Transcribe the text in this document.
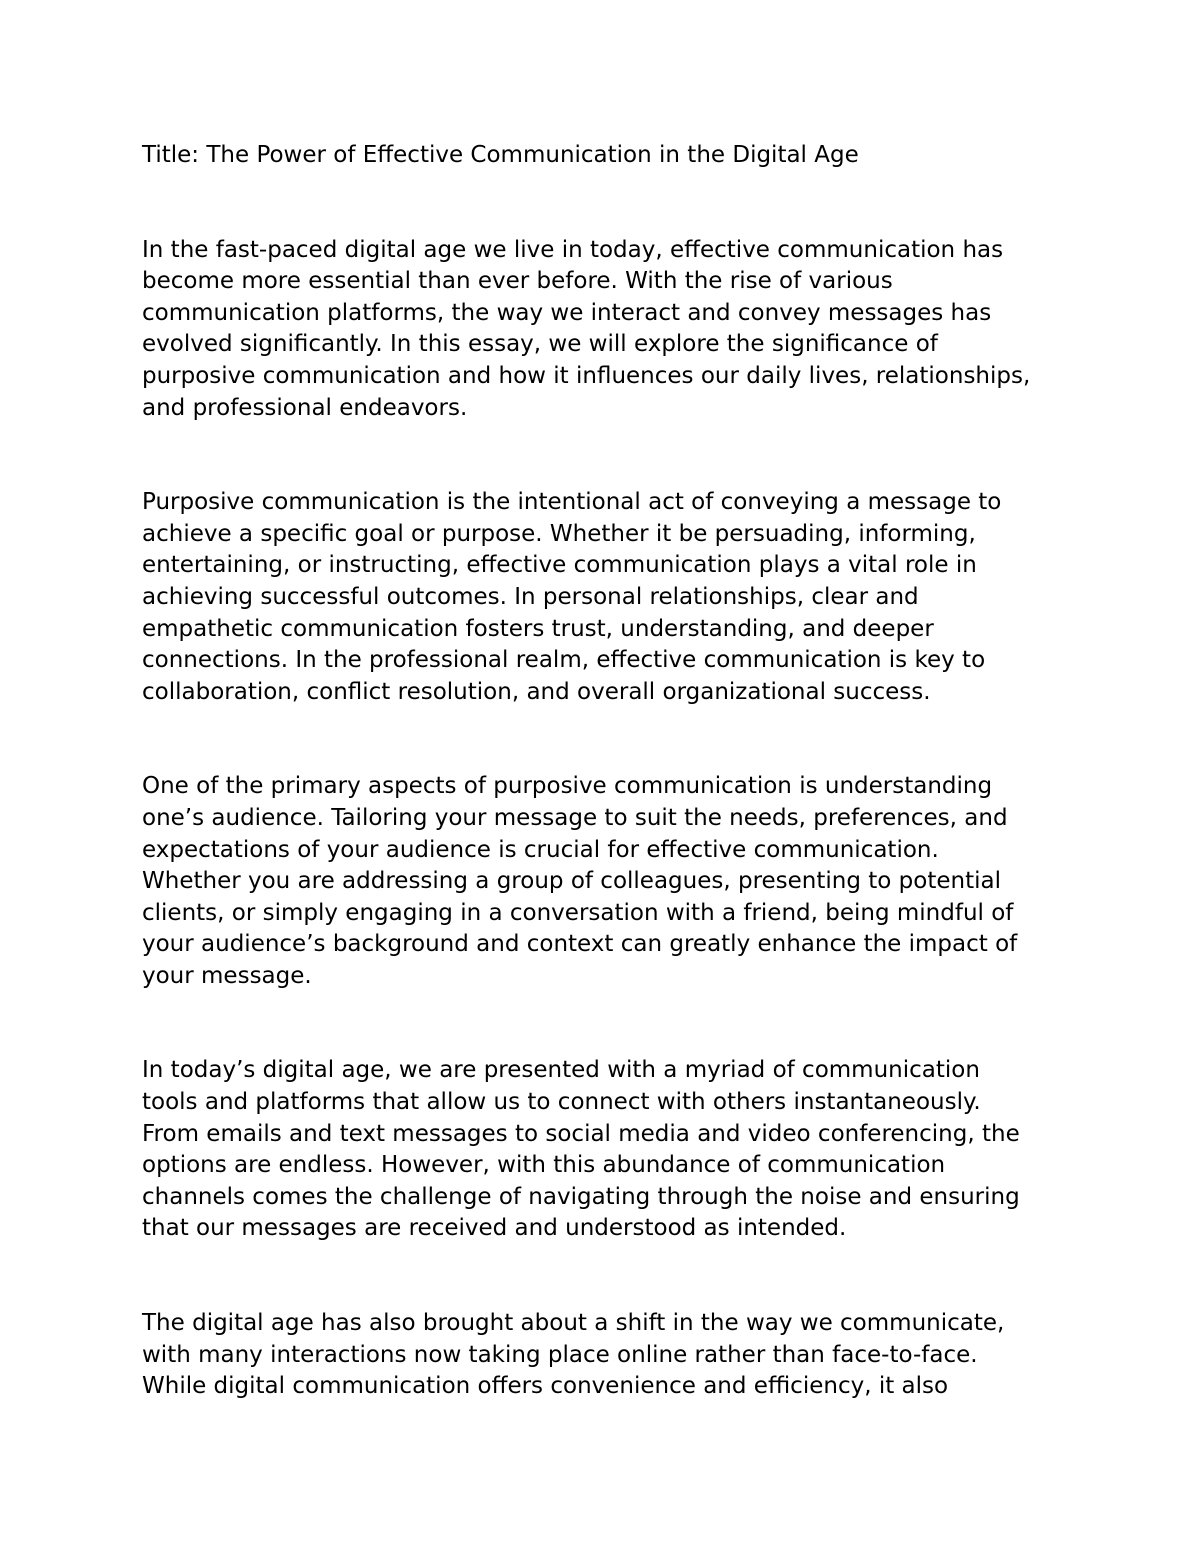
Title: The Power of Effective Communication in the Digital Age

In the fast-paced digital age we live in today, effective communication has
become more essential than ever before. With the rise of various
communication platforms, the way we interact and convey messages has
evolved significantly. In this essay, we will explore the significance of
purposive communication and how it influences our daily lives, relationships,
and professional endeavors.
Purposive communication is the intentional act of conveying a message to
achieve a specific goal or purpose. Whether it be persuading, informing,
entertaining, or instructing, effective communication plays a vital role in
achieving successful outcomes. In personal relationships, clear and
empathetic communication fosters trust, understanding, and deeper
connections. In the professional realm, effective communication is key to
collaboration, conflict resolution, and overall organizational success.
One of the primary aspects of purposive communication is understanding
one’s audience. Tailoring your message to suit the needs, preferences, and
expectations of your audience is crucial for effective communication.
Whether you are addressing a group of colleagues, presenting to potential
clients, or simply engaging in a conversation with a friend, being mindful of
your audience’s background and context can greatly enhance the impact of
your message.
In today’s digital age, we are presented with a myriad of communication
tools and platforms that allow us to connect with others instantaneously.
From emails and text messages to social media and video conferencing, the
options are endless. However, with this abundance of communication
channels comes the challenge of navigating through the noise and ensuring
that our messages are received and understood as intended.
The digital age has also brought about a shift in the way we communicate,
with many interactions now taking place online rather than face-to-face.
While digital communication offers convenience and efficiency, it also
